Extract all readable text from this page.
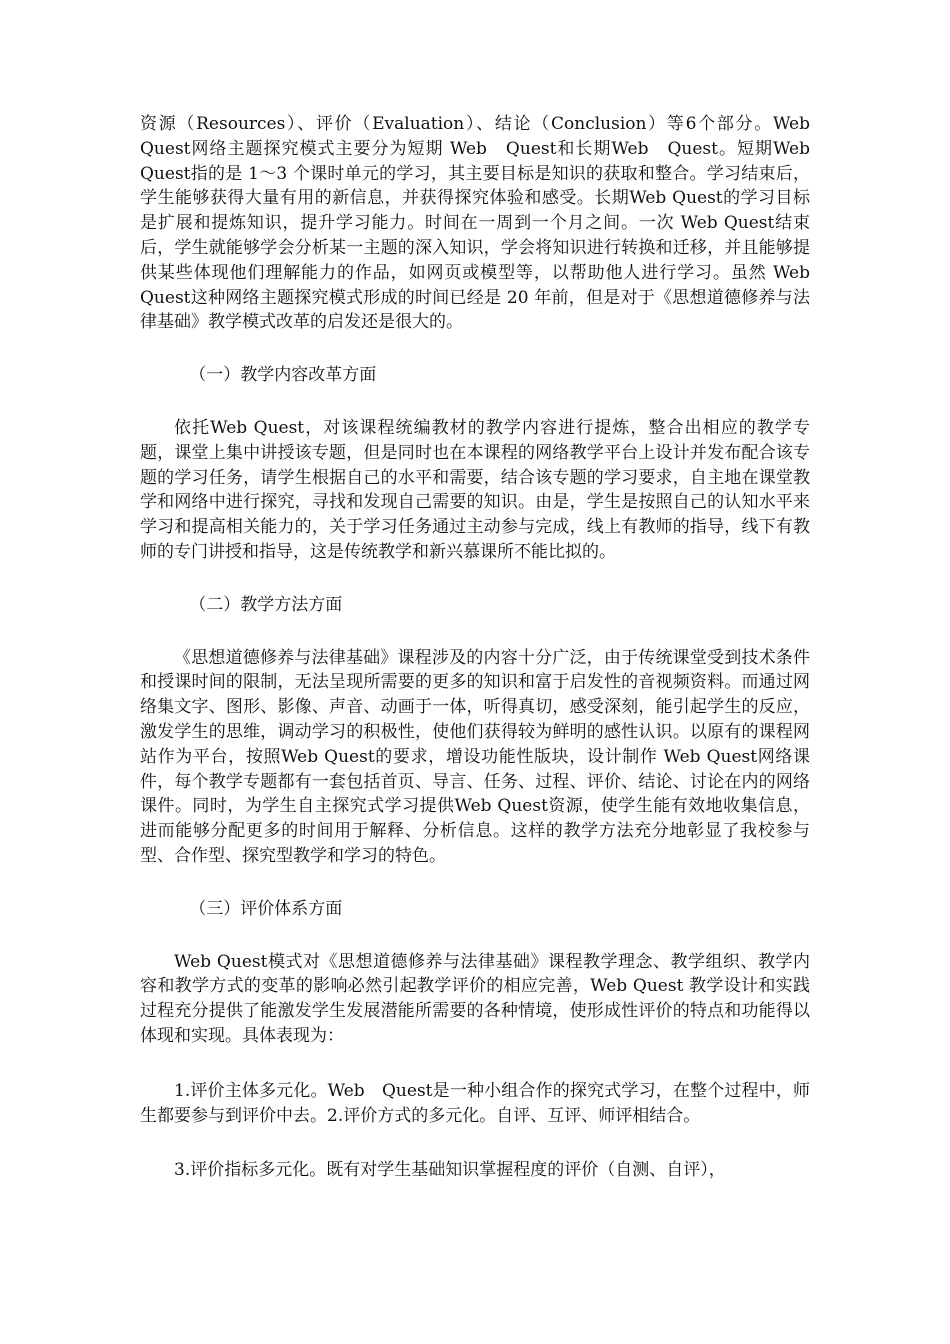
资源（Resources）、评价（Evaluation）、结论（Conclusion）等6个部分。Web Quest网络主题探究模式主要分为短期 Web　Quest和长期Web　Quest。短期Web　Quest指的是 1～3 个课时单元的学习，其主要目标是知识的获取和整合。学习结束后，学生能够获得大量有用的新信息，并获得探究体验和感受。长期Web Quest的学习目标是扩展和提炼知识，提升学习能力。时间在一周到一个月之间。一次 Web Quest结束后，学生就能够学会分析某一主题的深入知识，学会将知识进行转换和迁移，并且能够提供某些体现他们理解能力的作品，如网页或模型等，以帮助他人进行学习。虽然 Web　Quest这种网络主题探究模式形成的时间已经是 20 年前，但是对于《思想道德修养与法律基础》教学模式改革的启发还是很大的。

（一）教学内容改革方面

依托Web Quest，对该课程统编教材的教学内容进行提炼，整合出相应的教学专题，课堂上集中讲授该专题，但是同时也在本课程的网络教学平台上设计并发布配合该专题的学习任务，请学生根据自己的水平和需要，结合该专题的学习要求，自主地在课堂教学和网络中进行探究，寻找和发现自己需要的知识。由是，学生是按照自己的认知水平来学习和提高相关能力的，关于学习任务通过主动参与完成，线上有教师的指导，线下有教师的专门讲授和指导，这是传统教学和新兴慕课所不能比拟的。

（二）教学方法方面

《思想道德修养与法律基础》课程涉及的内容十分广泛，由于传统课堂受到技术条件和授课时间的限制，无法呈现所需要的更多的知识和富于启发性的音视频资料。而通过网络集文字、图形、影像、声音、动画于一体，听得真切，感受深刻，能引起学生的反应，激发学生的思维，调动学习的积极性，使他们获得较为鲜明的感性认识。以原有的课程网站作为平台，按照Web Quest的要求，增设功能性版块，设计制作 Web Quest网络课件，每个教学专题都有一套包括首页、导言、任务、过程、评价、结论、讨论在内的网络课件。同时，为学生自主探究式学习提供Web Quest资源，使学生能有效地收集信息，进而能够分配更多的时间用于解释、分析信息。这样的教学方法充分地彰显了我校参与型、合作型、探究型教学和学习的特色。

（三）评价体系方面

Web Quest模式对《思想道德修养与法律基础》课程教学理念、教学组织、教学内容和教学方式的变革的影响必然引起教学评价的相应完善，Web Quest 教学设计和实践过程充分提供了能激发学生发展潜能所需要的各种情境，使形成性评价的特点和功能得以体现和实现。具体表现为：

1.评价主体多元化。Web　Quest是一种小组合作的探究式学习，在整个过程中，师生都要参与到评价中去。2.评价方式的多元化。自评、互评、师评相结合。

3.评价指标多元化。既有对学生基础知识掌握程度的评价（自测、自评），
